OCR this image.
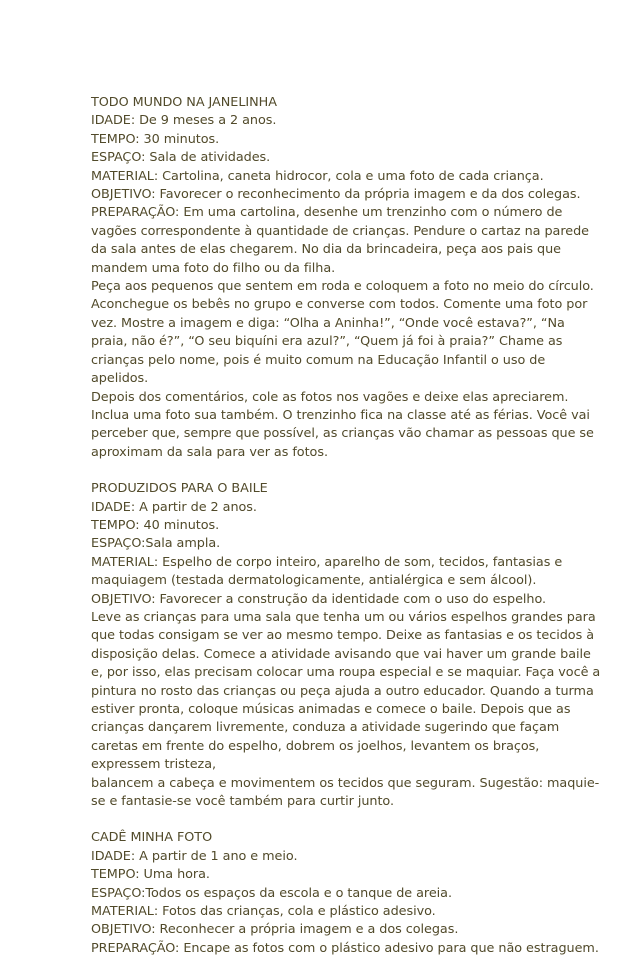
TODO MUNDO NA JANELINHA
IDADE: De 9 meses a 2 anos.
TEMPO: 30 minutos.
ESPAÇO: Sala de atividades.
MATERIAL: Cartolina, caneta hidrocor, cola e uma foto de cada criança.
OBJETIVO: Favorecer o reconhecimento da própria imagem e da dos colegas.
PREPARAÇÃO: Em uma cartolina, desenhe um trenzinho com o número de
vagões correspondente à quantidade de crianças. Pendure o cartaz na parede
da sala antes de elas chegarem. No dia da brincadeira, peça aos pais que
mandem uma foto do filho ou da filha.
Peça aos pequenos que sentem em roda e coloquem a foto no meio do círculo.
Aconchegue os bebês no grupo e converse com todos. Comente uma foto por
vez. Mostre a imagem e diga: “Olha a Aninha!”, “Onde você estava?”, “Na
praia, não é?”, “O seu biquíni era azul?”, “Quem já foi à praia?” Chame as
crianças pelo nome, pois é muito comum na Educação Infantil o uso de
apelidos.
Depois dos comentários, cole as fotos nos vagões e deixe elas apreciarem.
Inclua uma foto sua também. O trenzinho fica na classe até as férias. Você vai
perceber que, sempre que possível, as crianças vão chamar as pessoas que se
aproximam da sala para ver as fotos.
PRODUZIDOS PARA O BAILE
IDADE: A partir de 2 anos.
TEMPO: 40 minutos.
ESPAÇO:Sala ampla.
MATERIAL: Espelho de corpo inteiro, aparelho de som, tecidos, fantasias e
maquiagem (testada dermatologicamente, antialérgica e sem álcool).
OBJETIVO: Favorecer a construção da identidade com o uso do espelho.
Leve as crianças para uma sala que tenha um ou vários espelhos grandes para
que todas consigam se ver ao mesmo tempo. Deixe as fantasias e os tecidos à
disposição delas. Comece a atividade avisando que vai haver um grande baile
e, por isso, elas precisam colocar uma roupa especial e se maquiar. Faça você a
pintura no rosto das crianças ou peça ajuda a outro educador. Quando a turma
estiver pronta, coloque músicas animadas e comece o baile. Depois que as
crianças dançarem livremente, conduza a atividade sugerindo que façam
caretas em frente do espelho, dobrem os joelhos, levantem os braços,
expressem tristeza,
balancem a cabeça e movimentem os tecidos que seguram. Sugestão: maquie-
se e fantasie-se você também para curtir junto.
CADÊ MINHA FOTO
IDADE: A partir de 1 ano e meio.
TEMPO: Uma hora.
ESPAÇO:Todos os espaços da escola e o tanque de areia.
MATERIAL: Fotos das crianças, cola e plástico adesivo.
OBJETIVO: Reconhecer a própria imagem e a dos colegas.
PREPARAÇÃO: Encape as fotos com o plástico adesivo para que não estraguem.
